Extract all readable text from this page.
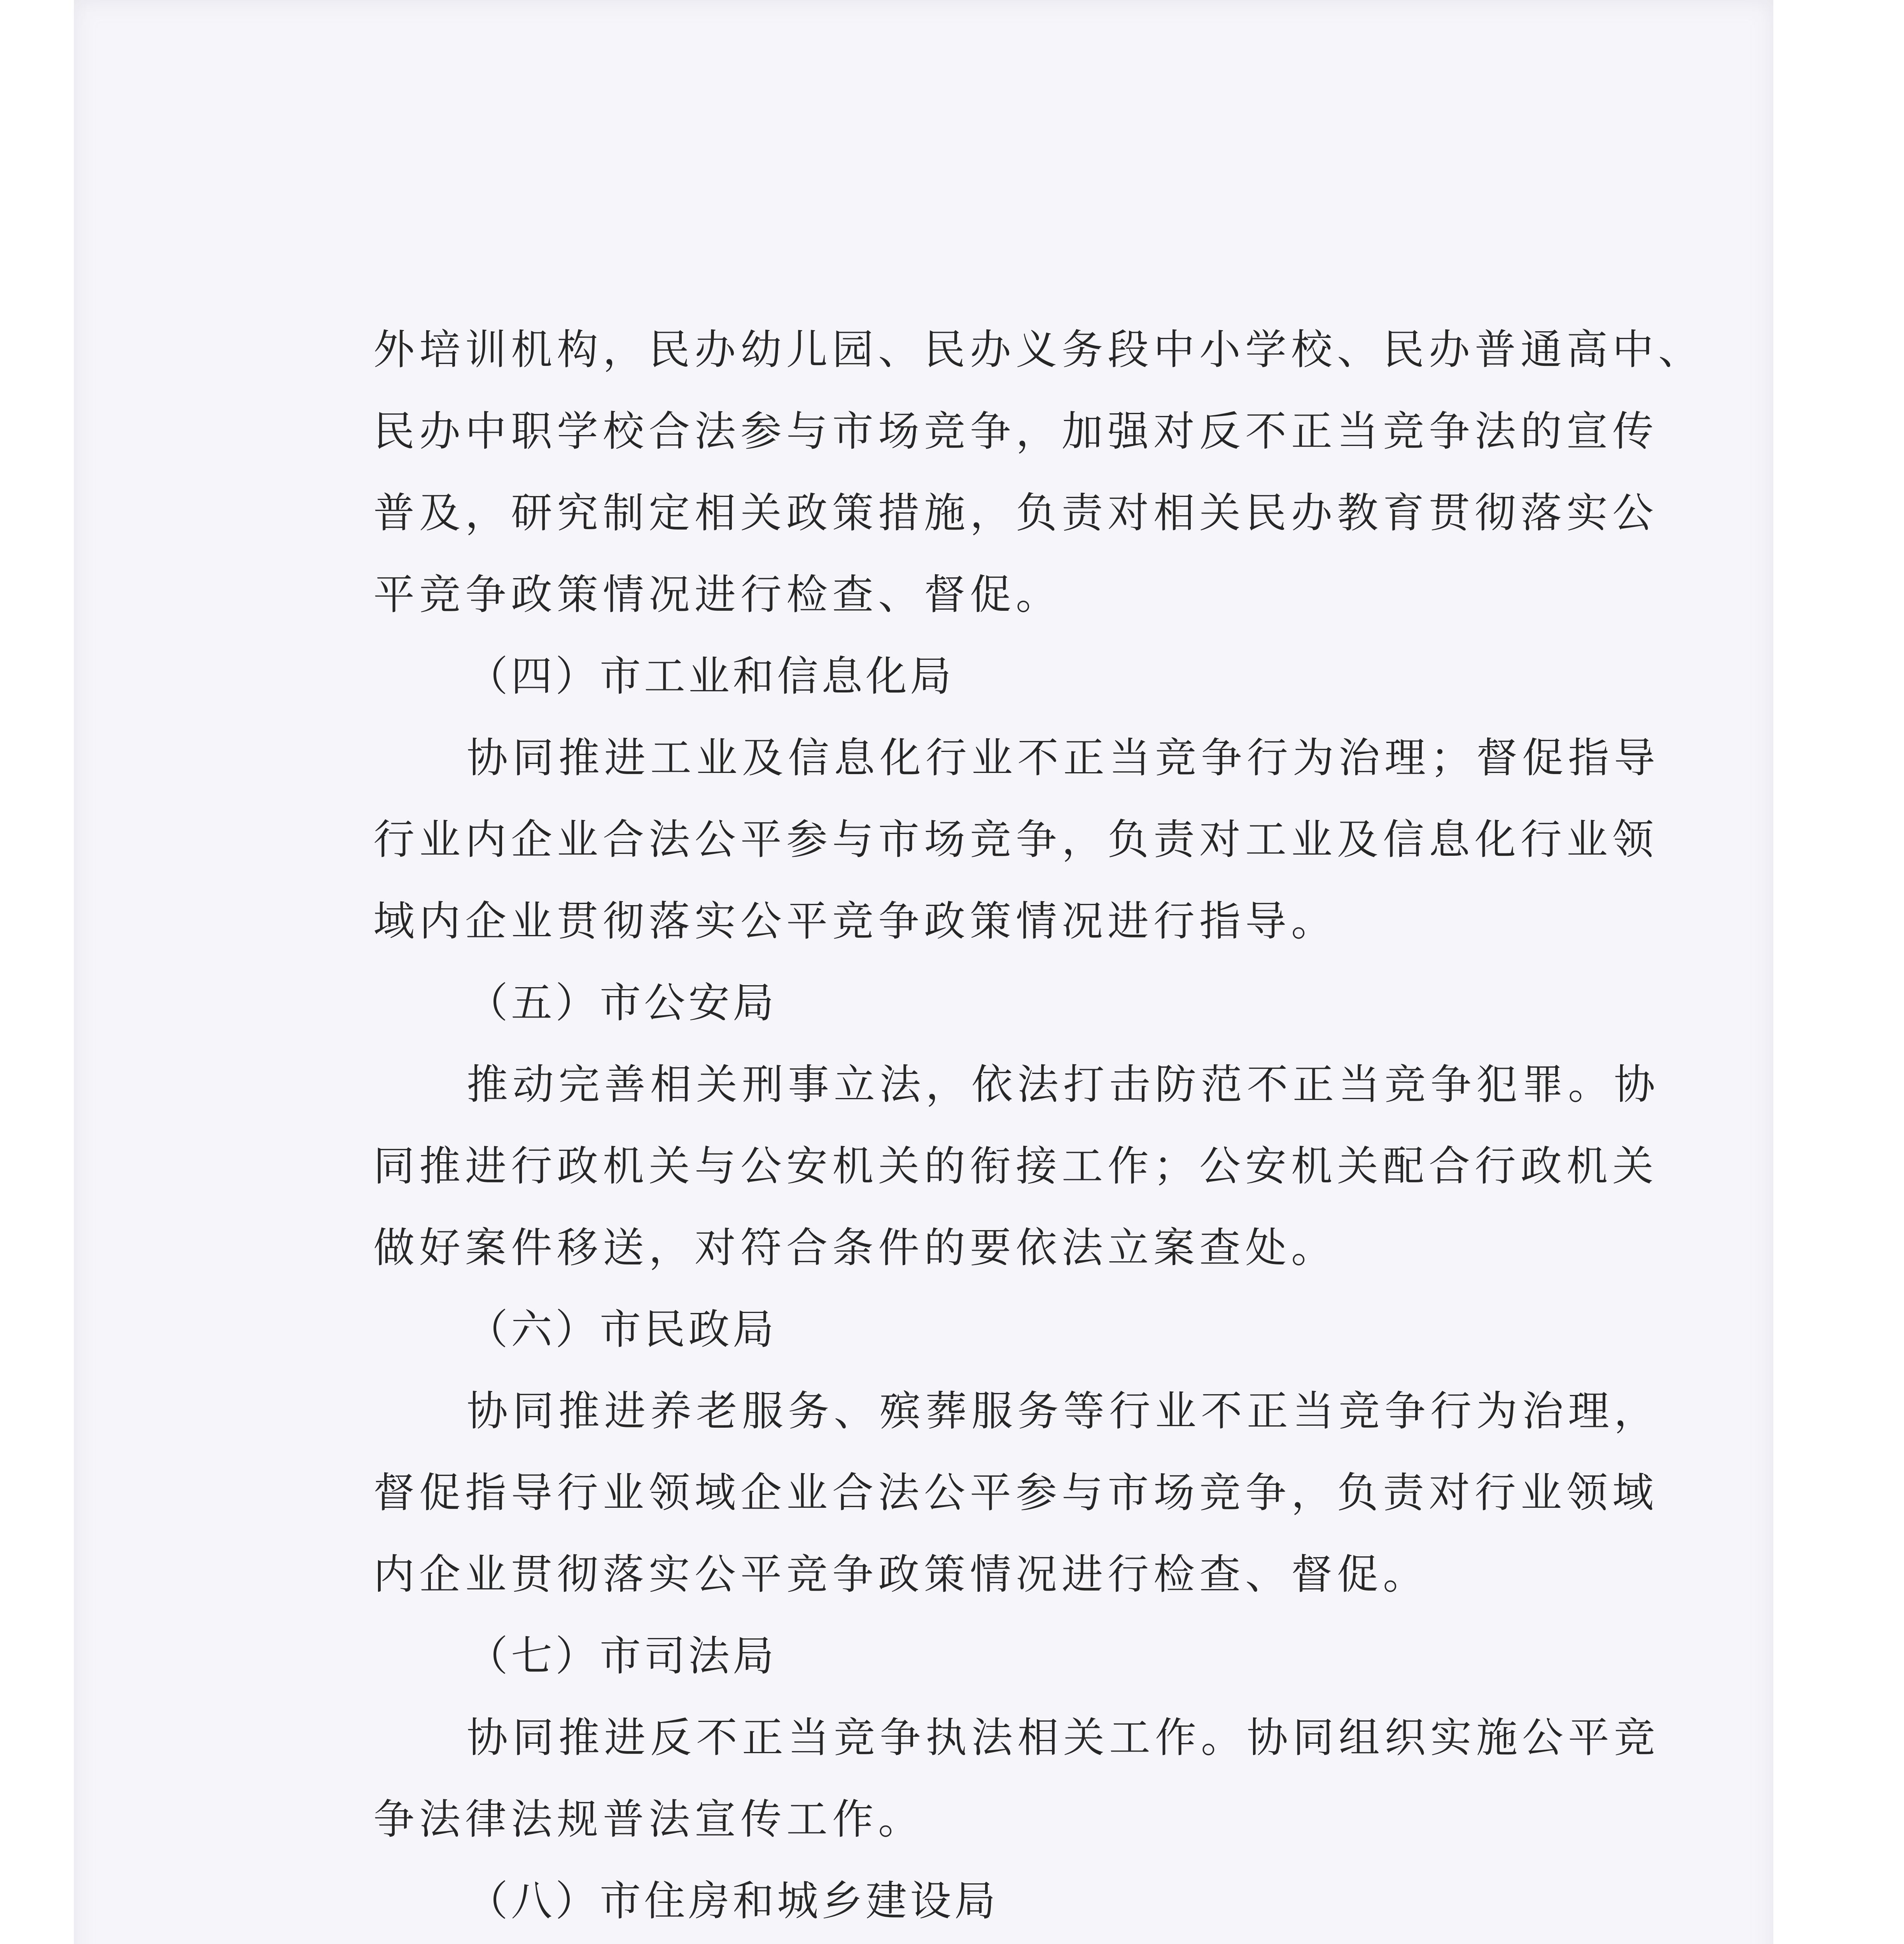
外培训机构，民办幼儿园、民办义务段中小学校、民办普通高中、
民办中职学校合法参与市场竞争，加强对反不正当竞争法的宣传
普及，研究制定相关政策措施，负责对相关民办教育贯彻落实公
平竞争政策情况进行检查、督促。
（四）市工业和信息化局
协同推进工业及信息化行业不正当竞争行为治理；督促指导
行业内企业合法公平参与市场竞争，负责对工业及信息化行业领
域内企业贯彻落实公平竞争政策情况进行指导。
（五）市公安局
推动完善相关刑事立法，依法打击防范不正当竞争犯罪。协
同推进行政机关与公安机关的衔接工作；公安机关配合行政机关
做好案件移送，对符合条件的要依法立案查处。
（六）市民政局
协同推进养老服务、殡葬服务等行业不正当竞争行为治理，
督促指导行业领域企业合法公平参与市场竞争，负责对行业领域
内企业贯彻落实公平竞争政策情况进行检查、督促。
（七）市司法局
协同推进反不正当竞争执法相关工作。协同组织实施公平竞
争法律法规普法宣传工作。
（八）市住房和城乡建设局
